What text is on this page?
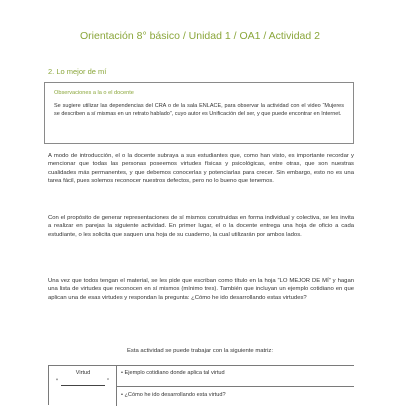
Orientación 8° básico / Unidad 1 / OA1 / Actividad 2
2. Lo mejor de mí
Observaciones a la o el docente
Se sugiere utilizar las dependencias del CRA o de la sala ENLACE, para observar la actividad con el video “Mujeres se describen a sí mismas en un retrato hablado”, cuyo autor es Unificación del ser, y que puede encontrar en Internet.

A modo de introducción, el o la docente subraya a sus estudiantes que, como han visto, es importante recordar y mencionar que todas las personas poseemos virtudes físicas y psicológicas, entre otras, que son nuestras cualidades más permanentes, y que debemos conocerlas y potenciarlas para crecer. Sin embargo, esto no es una tarea fácil, pues solemos reconocer nuestros defectos, pero no lo bueno que tenemos.

Con el propósito de generar representaciones de sí mismos construidas en forma individual y colectiva, se les invita a realizar en parejas la siguiente actividad. En primer lugar, el o la docente entrega una hoja de oficio a cada estudiante, o les solicita que saquen una hoja de su cuaderno, la cual utilizarán por ambos lados.

Una vez que todos tengan el material, se les pide que escriban como título en la hoja “LO MEJOR DE MÍ” y hagan una lista de virtudes que reconocen en sí mismos (mínimo tres). También que incluyan un ejemplo cotidiano en que aplican una de esas virtudes y respondan la pregunta: ¿Cómo he ido desarrollando estas virtudes?

Esta actividad se puede trabajar con la siguiente matriz:
Virtud
“	”
• Ejemplo cotidiano donde aplica tal virtud
• ¿Cómo he ido desarrollando esta virtud?
